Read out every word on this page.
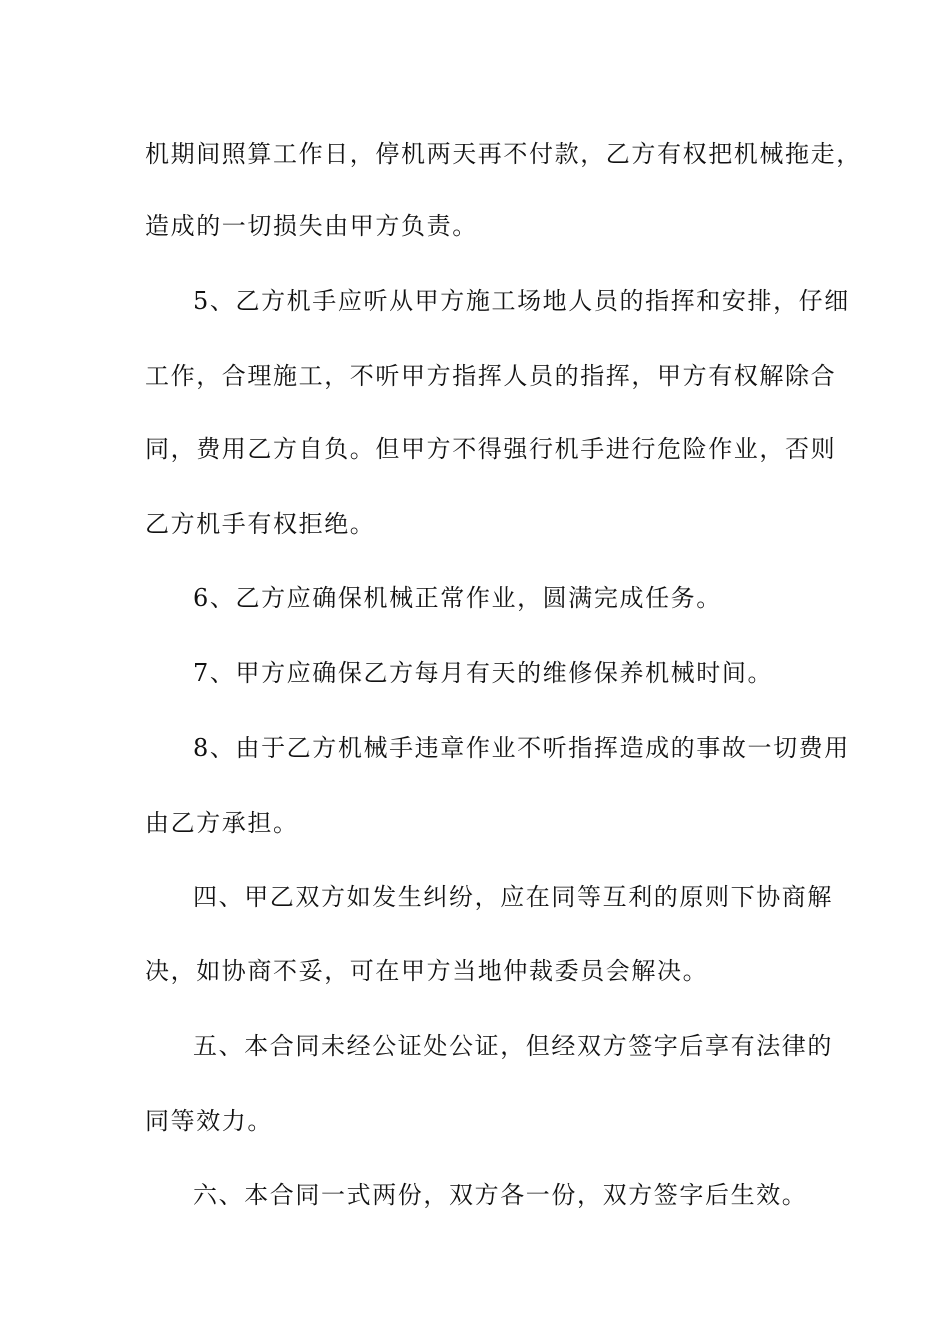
机期间照算工作日，停机两天再不付款，乙方有权把机械拖走，
造成的一切损失由甲方负责。
5、乙方机手应听从甲方施工场地人员的指挥和安排，仔细
工作，合理施工，不听甲方指挥人员的指挥，甲方有权解除合
同，费用乙方自负。但甲方不得强行机手进行危险作业，否则
乙方机手有权拒绝。
6、乙方应确保机械正常作业，圆满完成任务。
7、甲方应确保乙方每月有天的维修保养机械时间。
8、由于乙方机械手违章作业不听指挥造成的事故一切费用
由乙方承担。
四、甲乙双方如发生纠纷，应在同等互利的原则下协商解
决，如协商不妥，可在甲方当地仲裁委员会解决。
五、本合同未经公证处公证，但经双方签字后享有法律的
同等效力。
六、本合同一式两份，双方各一份，双方签字后生效。
